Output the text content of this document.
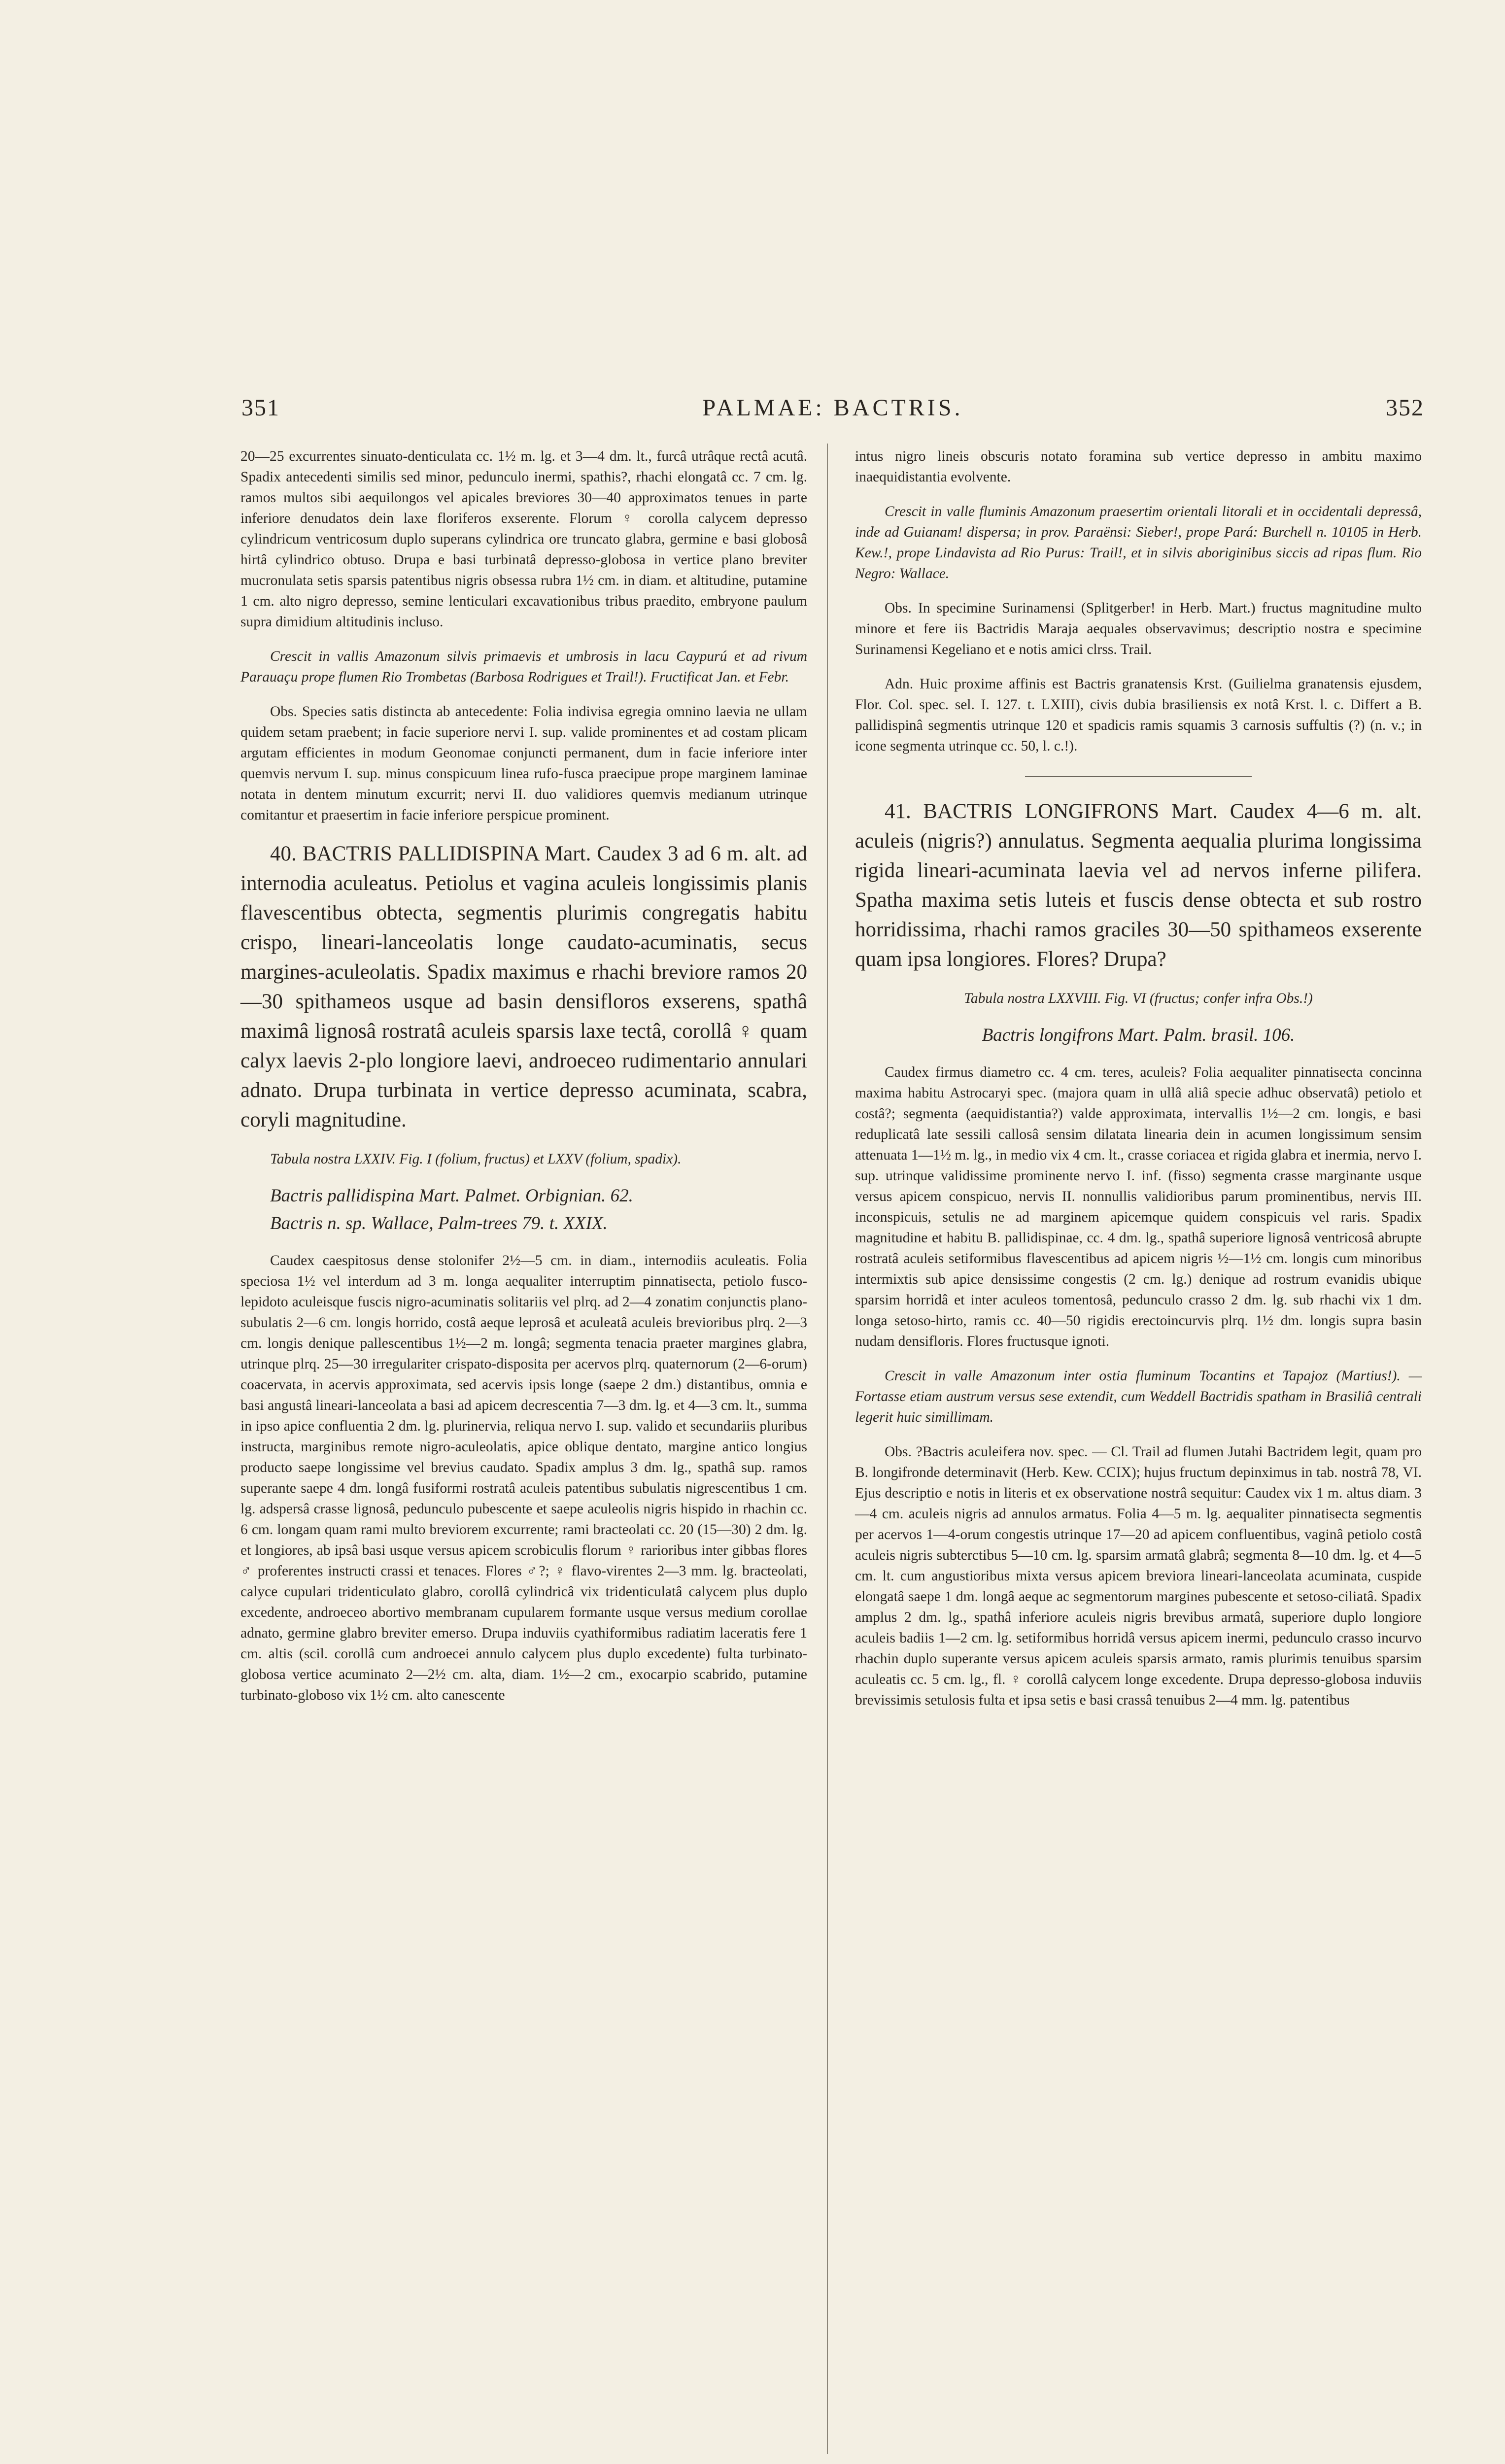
351	PALMAE: BACTRIS.	352

20—25 excurrentes sinuato-denticulata cc. 1½ m. lg. et 3—4 dm. lt., furcâ utrâque rectâ acutâ. Spadix antecedenti similis sed minor, pedunculo inermi, spathis?, rhachi elongatâ cc. 7 cm. lg. ramos multos sibi aequilongos vel apicales breviores 30—40 approximatos tenues in parte inferiore denudatos dein laxe floriferos exserente. Florum ♀ corolla calycem depresso cylindricum ventricosum duplo superans cylindrica ore truncato glabra, germine e basi globosâ hirtâ cylindrico obtuso. Drupa e basi turbinatâ depresso-globosa in vertice plano breviter mucronulata setis sparsis patentibus nigris obsessa rubra 1½ cm. in diam. et altitudine, putamine 1 cm. alto nigro depresso, semine lenticulari excavationibus tribus praedito, embryone paulum supra dimidium altitudinis incluso.

Crescit in vallis Amazonum silvis primaevis et umbrosis in lacu Caypurú et ad rivum Parauaçu prope flumen Rio Trombetas (Barbosa Rodrigues et Trail!). Fructificat Jan. et Febr.

Obs. Species satis distincta ab antecedente: Folia indivisa egregia omnino laevia ne ullam quidem setam praebent; in facie superiore nervi I. sup. valide prominentes et ad costam plicam argutam efficientes in modum Geonomae conjuncti permanent, dum in facie inferiore inter quemvis nervum I. sup. minus conspicuum linea rufo-fusca praecipue prope marginem laminae notata in dentem minutum excurrit; nervi II. duo validiores quemvis medianum utrinque comitantur et praesertim in facie inferiore perspicue prominent.

40. BACTRIS PALLIDISPINA Mart. Caudex 3 ad 6 m. alt. ad internodia aculeatus. Petiolus et vagina aculeis longissimis planis flavescentibus obtecta, segmentis plurimis congregatis habitu crispo, lineari-lanceolatis longe caudato-acuminatis, secus margines-aculeolatis. Spadix maximus e rhachi breviore ramos 20—30 spithameos usque ad basin densifloros exserens, spathâ maximâ lignosâ rostratâ aculeis sparsis laxe tectâ, corollâ ♀ quam calyx laevis 2-plo longiore laevi, androeceo rudimentario annulari adnato. Drupa turbinata in vertice depresso acuminata, scabra, coryli magnitudine.

Tabula nostra LXXIV. Fig. I (folium, fructus) et LXXV (folium, spadix).

Bactris pallidispina Mart. Palmet. Orbignian. 62.

Bactris n. sp. Wallace, Palm-trees 79. t. XXIX.

Caudex caespitosus dense stolonifer 2½—5 cm. in diam., internodiis aculeatis. Folia speciosa 1½ vel interdum ad 3 m. longa aequaliter interruptim pinnatisecta, petiolo fusco-lepidoto aculeisque fuscis nigro-acuminatis solitariis vel plrq. ad 2—4 zonatim conjunctis plano-subulatis 2—6 cm. longis horrido, costâ aeque leprosâ et aculeatâ aculeis brevioribus plrq. 2—3 cm. longis denique pallescentibus 1½—2 m. longâ; segmenta tenacia praeter margines glabra, utrinque plrq. 25—30 irregulariter crispato-disposita per acervos plrq. quaternorum (2—6-orum) coacervata, in acervis approximata, sed acervis ipsis longe (saepe 2 dm.) distantibus, omnia e basi angustâ lineari-lanceolata a basi ad apicem decrescentia 7—3 dm. lg. et 4—3 cm. lt., summa in ipso apice confluentia 2 dm. lg. plurinervia, reliqua nervo I. sup. valido et secundariis pluribus instructa, marginibus remote nigro-aculeolatis, apice oblique dentato, margine antico longius producto saepe longissime vel brevius caudato. Spadix amplus 3 dm. lg., spathâ sup. ramos superante saepe 4 dm. longâ fusiformi rostratâ aculeis patentibus subulatis nigrescentibus 1 cm. lg. adspersâ crasse lignosâ, pedunculo pubescente et saepe aculeolis nigris hispido in rhachin cc. 6 cm. longam quam rami multo breviorem excurrente; rami bracteolati cc. 20 (15—30) 2 dm. lg. et longiores, ab ipsâ basi usque versus apicem scrobiculis florum ♀ rarioribus inter gibbas flores ♂ proferentes instructi crassi et tenaces. Flores ♂?; ♀ flavo-virentes 2—3 mm. lg. bracteolati, calyce cupulari tridenticulato glabro, corollâ cylindricâ vix tridenticulatâ calycem plus duplo excedente, androeceo abortivo membranam cupularem formante usque versus medium corollae adnato, germine glabro breviter emerso. Drupa induviis cyathiformibus radiatim laceratis fere 1 cm. altis (scil. corollâ cum androecei annulo calycem plus duplo excedente) fulta turbinato-globosa vertice acuminato 2—2½ cm. alta, diam. 1½—2 cm., exocarpio scabrido, putamine turbinato-globoso vix 1½ cm. alto canescente

intus nigro lineis obscuris notato foramina sub vertice depresso in ambitu maximo inaequidistantia evolvente.

Crescit in valle fluminis Amazonum praesertim orientali litorali et in occidentali depressâ, inde ad Guianam! dispersa; in prov. Paraënsi: Sieber!, prope Pará: Burchell n. 10105 in Herb. Kew.!, prope Lindavista ad Rio Purus: Trail!, et in silvis aboriginibus siccis ad ripas flum. Rio Negro: Wallace.

Obs. In specimine Surinamensi (Splitgerber! in Herb. Mart.) fructus magnitudine multo minore et fere iis Bactridis Maraja aequales observavimus; descriptio nostra e specimine Surinamensi Kegeliano et e notis amici clrss. Trail.

Adn. Huic proxime affinis est Bactris granatensis Krst. (Guilielma granatensis ejusdem, Flor. Col. spec. sel. I. 127. t. LXIII), civis dubia brasiliensis ex notâ Krst. l. c. Differt a B. pallidispinâ segmentis utrinque 120 et spadicis ramis squamis 3 carnosis suffultis (?) (n. v.; in icone segmenta utrinque cc. 50, l. c.!).

41. BACTRIS LONGIFRONS Mart. Caudex 4—6 m. alt. aculeis (nigris?) annulatus. Segmenta aequalia plurima longissima rigida lineari-acuminata laevia vel ad nervos inferne pilifera. Spatha maxima setis luteis et fuscis dense obtecta et sub rostro horridissima, rhachi ramos graciles 30—50 spithameos exserente quam ipsa longiores. Flores? Drupa?

Tabula nostra LXXVIII. Fig. VI (fructus; confer infra Obs.!)

Bactris longifrons Mart. Palm. brasil. 106.

Caudex firmus diametro cc. 4 cm. teres, aculeis? Folia aequaliter pinnatisecta concinna maxima habitu Astrocaryi spec. (majora quam in ullâ aliâ specie adhuc observatâ) petiolo et costâ?; segmenta (aequidistantia?) valde approximata, intervallis 1½—2 cm. longis, e basi reduplicatâ late sessili callosâ sensim dilatata linearia dein in acumen longissimum sensim attenuata 1—1½ m. lg., in medio vix 4 cm. lt., crasse coriacea et rigida glabra et inermia, nervo I. sup. utrinque validissime prominente nervo I. inf. (fisso) segmenta crasse marginante usque versus apicem conspicuo, nervis II. nonnullis validioribus parum prominentibus, nervis III. inconspicuis, setulis ne ad marginem apicemque quidem conspicuis vel raris. Spadix magnitudine et habitu B. pallidispinae, cc. 4 dm. lg., spathâ superiore lignosâ ventricosâ abrupte rostratâ aculeis setiformibus flavescentibus ad apicem nigris ½—1½ cm. longis cum minoribus intermixtis sub apice densissime congestis (2 cm. lg.) denique ad rostrum evanidis ubique sparsim horridâ et inter aculeos tomentosâ, pedunculo crasso 2 dm. lg. sub rhachi vix 1 dm. longa setoso-hirto, ramis cc. 40—50 rigidis erectoincurvis plrq. 1½ dm. longis supra basin nudam densifloris. Flores fructusque ignoti.

Crescit in valle Amazonum inter ostia fluminum Tocantins et Tapajoz (Martius!). — Fortasse etiam austrum versus sese extendit, cum Weddell Bactridis spatham in Brasiliâ centrali legerit huic simillimam.

Obs. ?Bactris aculeifera nov. spec. — Cl. Trail ad flumen Jutahi Bactridem legit, quam pro B. longifronde determinavit (Herb. Kew. CCIX); hujus fructum depinximus in tab. nostrâ 78, VI. Ejus descriptio e notis in literis et ex observatione nostrâ sequitur: Caudex vix 1 m. altus diam. 3—4 cm. aculeis nigris ad annulos armatus. Folia 4—5 m. lg. aequaliter pinnatisecta segmentis per acervos 1—4-orum congestis utrinque 17—20 ad apicem confluentibus, vaginâ petiolo costâ aculeis nigris subterctibus 5—10 cm. lg. sparsim armatâ glabrâ; segmenta 8—10 dm. lg. et 4—5 cm. lt. cum angustioribus mixta versus apicem breviora lineari-lanceolata acuminata, cuspide elongatâ saepe 1 dm. longâ aeque ac segmentorum margines pubescente et setoso-ciliatâ. Spadix amplus 2 dm. lg., spathâ inferiore aculeis nigris brevibus armatâ, superiore duplo longiore aculeis badiis 1—2 cm. lg. setiformibus horridâ versus apicem inermi, pedunculo crasso incurvo rhachin duplo superante versus apicem aculeis sparsis armato, ramis plurimis tenuibus sparsim aculeatis cc. 5 cm. lg., fl. ♀ corollâ calycem longe excedente. Drupa depresso-globosa induviis brevissimis setulosis fulta et ipsa setis e basi crassâ tenuibus 2—4 mm. lg. patentibus
